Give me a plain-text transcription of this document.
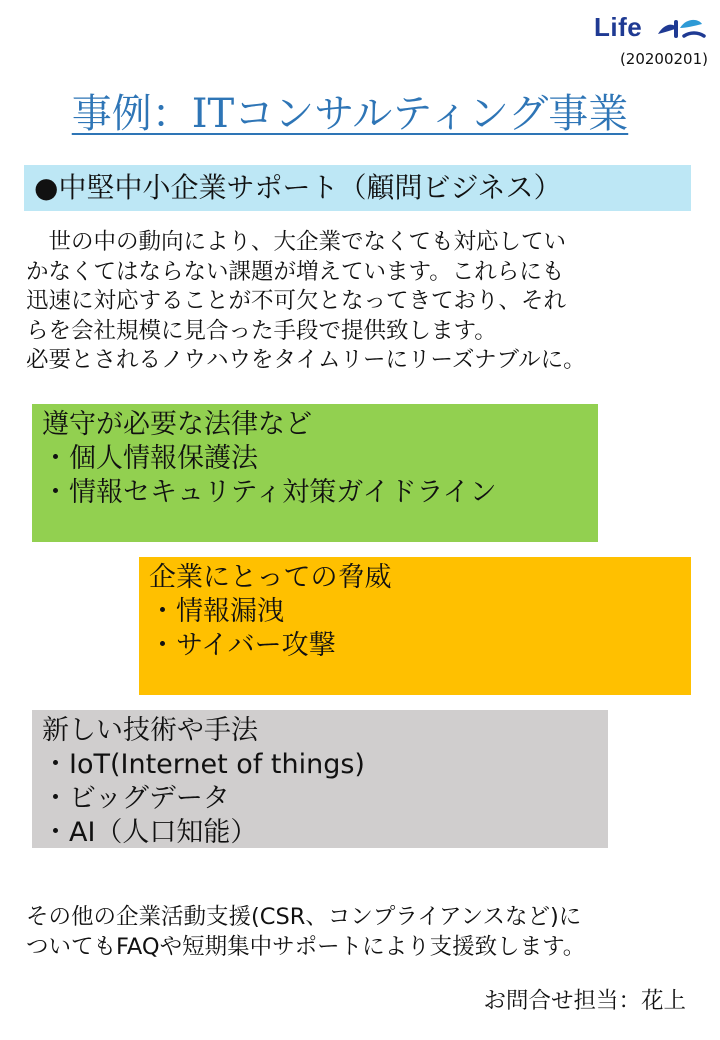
Life
(20200201)
事例：ITコンサルティング事業
●中堅中小企業サポート（顧問ビジネス）
　世の中の動向により、大企業でなくても対応してい
かなくてはならない課題が増えています。これらにも
迅速に対応することが不可欠となってきており、それ
らを会社規模に見合った手段で提供致します。
必要とされるノウハウをタイムリーにリーズナブルに。
遵守が必要な法律など
・個人情報保護法
・情報セキュリティ対策ガイドライン
企業にとっての脅威
・情報漏洩
・サイバー攻撃
新しい技術や手法
・IoT(Internet of things)
・ビッグデータ
・AI（人口知能）
その他の企業活動支援(CSR、コンプライアンスなど)に
ついてもFAQや短期集中サポートにより支援致します。
お問合せ担当：花上
